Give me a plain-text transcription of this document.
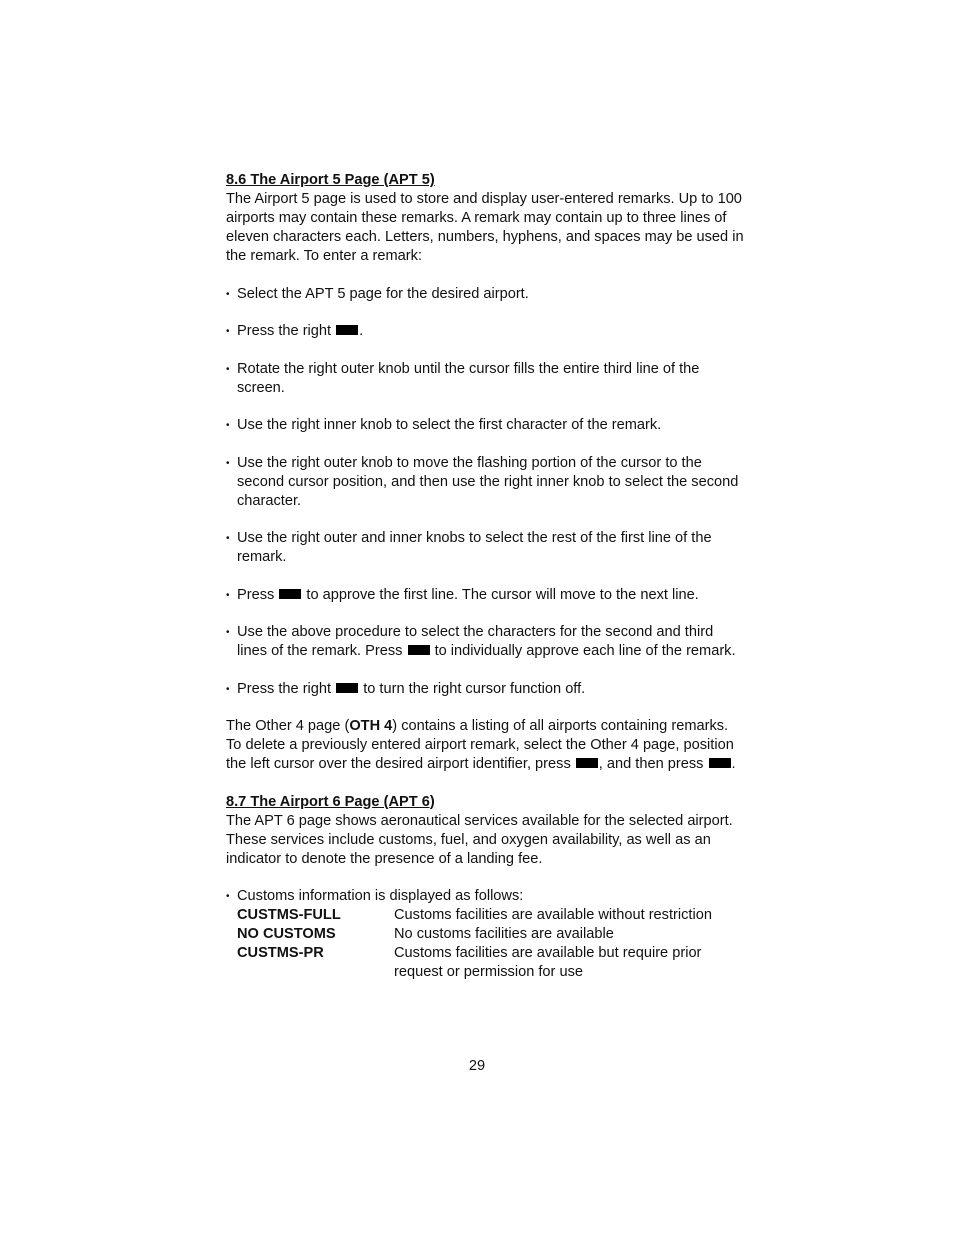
8.6 The Airport 5 Page (APT 5)

The Airport 5 page is used to store and display user-entered remarks. Up to 100 airports may contain these remarks. A remark may contain up to three lines of eleven characters each. Letters, numbers, hyphens, and spaces may be used in the remark. To enter a remark:

• Select the APT 5 page for the desired airport.

• Press the right .

• Rotate the right outer knob until the cursor fills the entire third line of the screen.

• Use the right inner knob to select the first character of the remark.

• Use the right outer knob to move the flashing portion of the cursor to the second cursor position, and then use the right inner knob to select the second character.

• Use the right outer and inner knobs to select the rest of the first line of the remark.

• Press  to approve the first line. The cursor will move to the next line.

• Use the above procedure to select the characters for the second and third lines of the remark. Press  to individually approve each line of the remark.

• Press the right  to turn the right cursor function off.

The Other 4 page (OTH 4) contains a listing of all airports containing remarks. To delete a previously entered airport remark, select the Other 4 page, position the left cursor over the desired airport identifier, press , and then press .

8.7 The Airport 6 Page (APT 6)

The APT 6 page shows aeronautical services available for the selected airport. These services include customs, fuel, and oxygen availability, as well as an indicator to denote the presence of a landing fee.

• Customs information is displayed as follows:

CUSTMS-FULL	Customs facilities are available without restriction
NO CUSTOMS	No customs facilities are available
CUSTMS-PR	Customs facilities are available but require prior request or permission for use
29
